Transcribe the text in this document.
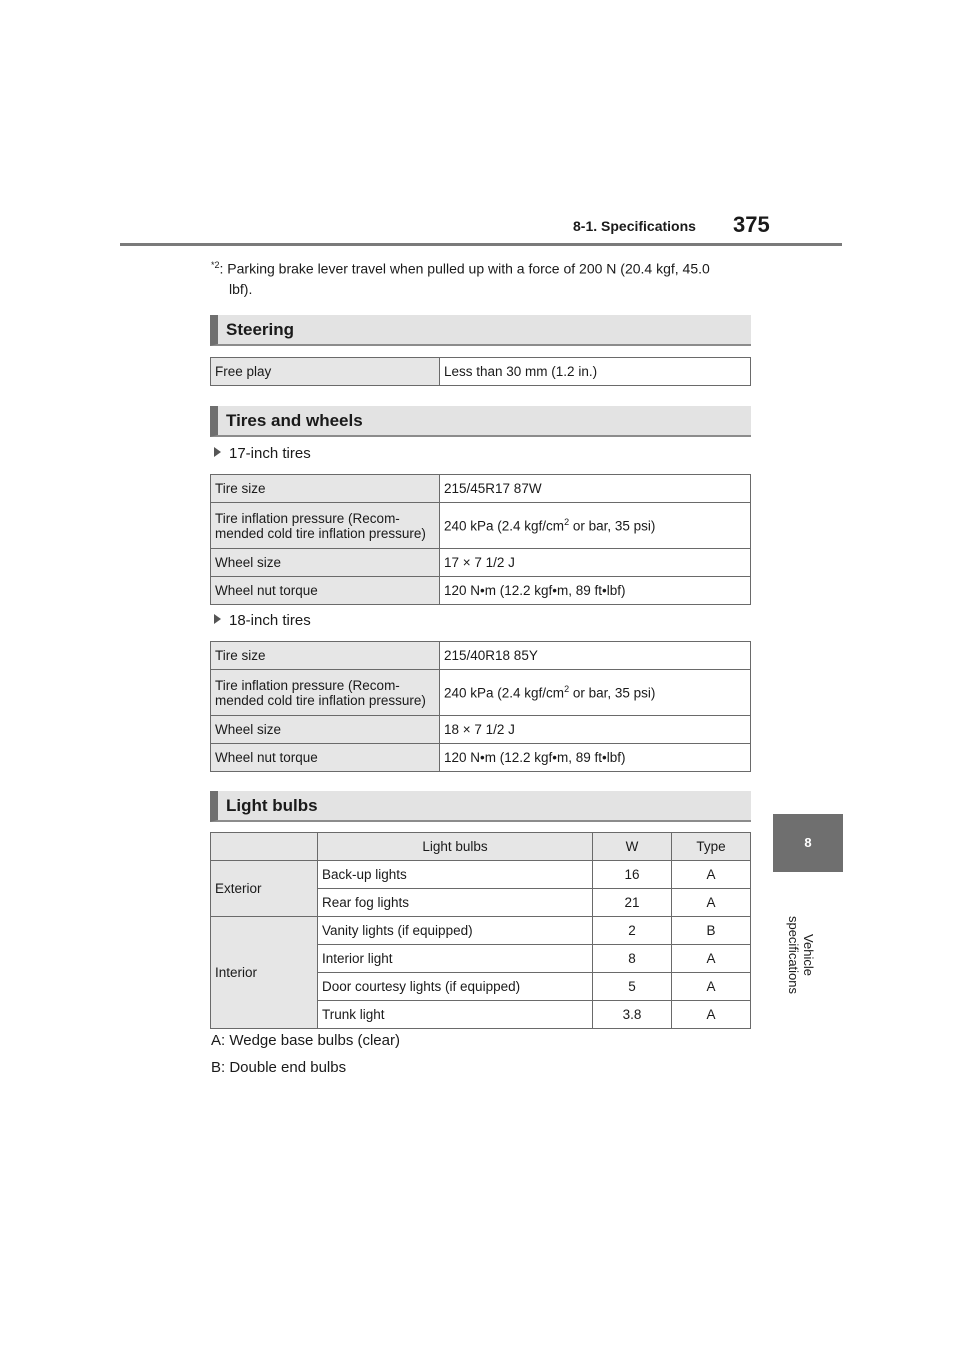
8-1. Specifications 375
8
Vehicle specifications
$^{*2}$: Parking brake lever travel when pulled up with a force of 200 N (20.4 kgf, 45.0
lbf).
Steering
Free play	Less than 30 mm (1.2 in.)
Tires and wheels
17-inch tires
Tire size	215/45R17 87W
Tire inflation pressure (Recom-
mended cold tire inflation pressure)	240 kPa (2.4 kgf/$cm^2$ or bar, 35 psi)
Wheel size	17 × 7 1/2 J
Wheel nut torque	120 N•m (12.2 kgf•m, 89 ft•lbf)
18-inch tires
Tire size	215/40R18 85Y
Tire inflation pressure (Recom-
mended cold tire inflation pressure)	240 kPa (2.4 kgf/$cm^2$ or bar, 35 psi)
Wheel size	18 × 7 1/2 J
Wheel nut torque	120 N•m (12.2 kgf•m, 89 ft•lbf)
Light bulbs
	Light bulbs	W	Type
Exterior	Back-up lights	16	A
	Rear fog lights	21	A
Interior	Vanity lights (if equipped)	2	B
	Interior light	8	A
	Door courtesy lights (if equipped)	5	A
	Trunk light	3.8	A
A: Wedge base bulbs (clear)
B: Double end bulbs
